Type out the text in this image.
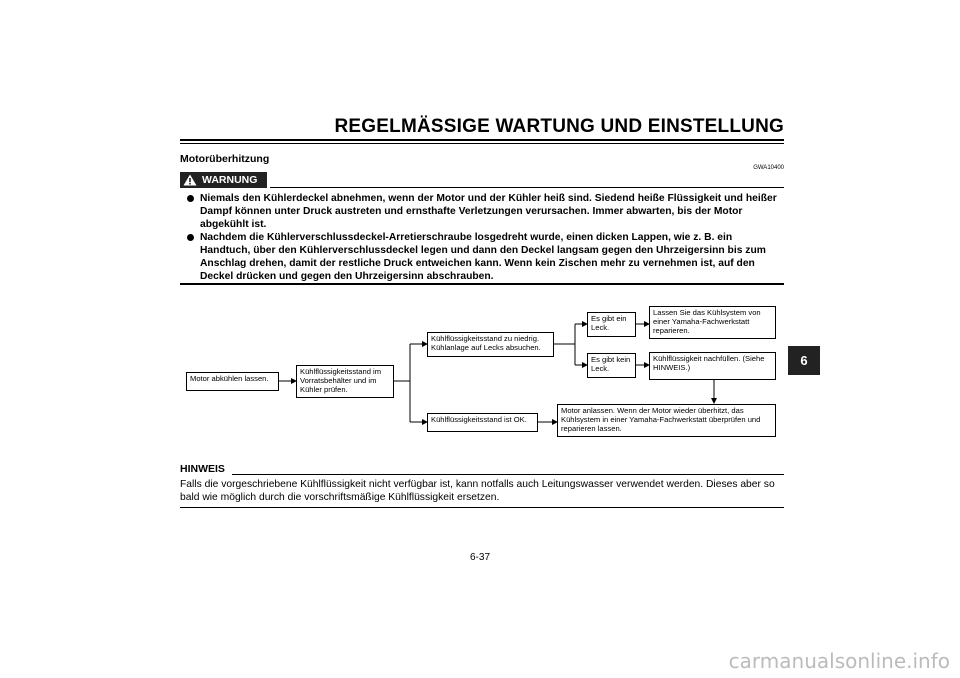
REGELMÄSSIGE WARTUNG UND EINSTELLUNG
Motorüberhitzung
GWA10400
WARNUNG
Niemals den Kühlerdeckel abnehmen, wenn der Motor und der Kühler heiß sind. Siedend heiße Flüssigkeit und heißer Dampf können unter Druck austreten und ernsthafte Verletzungen verursachen. Immer abwarten, bis der Motor abgekühlt ist.
Nachdem die Kühlerverschlussdeckel-Arretierschraube losgedreht wurde, einen dicken Lappen, wie z. B. ein Handtuch, über den Kühlerverschlussdeckel legen und dann den Deckel langsam gegen den Uhrzeigersinn bis zum Anschlag drehen, damit der restliche Druck entweichen kann. Wenn kein Zischen mehr zu vernehmen ist, auf den Deckel drücken und gegen den Uhrzeigersinn abschrauben.
Motor abkühlen lassen.
Kühlflüssigkeitsstand im Vorratsbehälter und im Kühler prüfen.
Kühlflüssigkeitsstand zu niedrig. Kühlanlage auf Lecks absuchen.
Kühlflüssigkeitsstand ist OK.
Es gibt ein Leck.
Es gibt kein Leck.
Lassen Sie das Kühlsystem von einer Yamaha-Fachwerkstatt reparieren.
Kühlflüssigkeit nachfüllen. (Siehe HINWEIS.)
Motor anlassen. Wenn der Motor wieder überhitzt, das Kühlsystem in einer Yamaha-Fachwerkstatt überprüfen und reparieren lassen.
HINWEIS
Falls die vorgeschriebene Kühlflüssigkeit nicht verfügbar ist, kann notfalls auch Leitungswasser verwendet werden. Dieses aber so bald wie möglich durch die vorschriftsmäßige Kühlflüssigkeit ersetzen.
6-37
6
carmanualsonline.info
